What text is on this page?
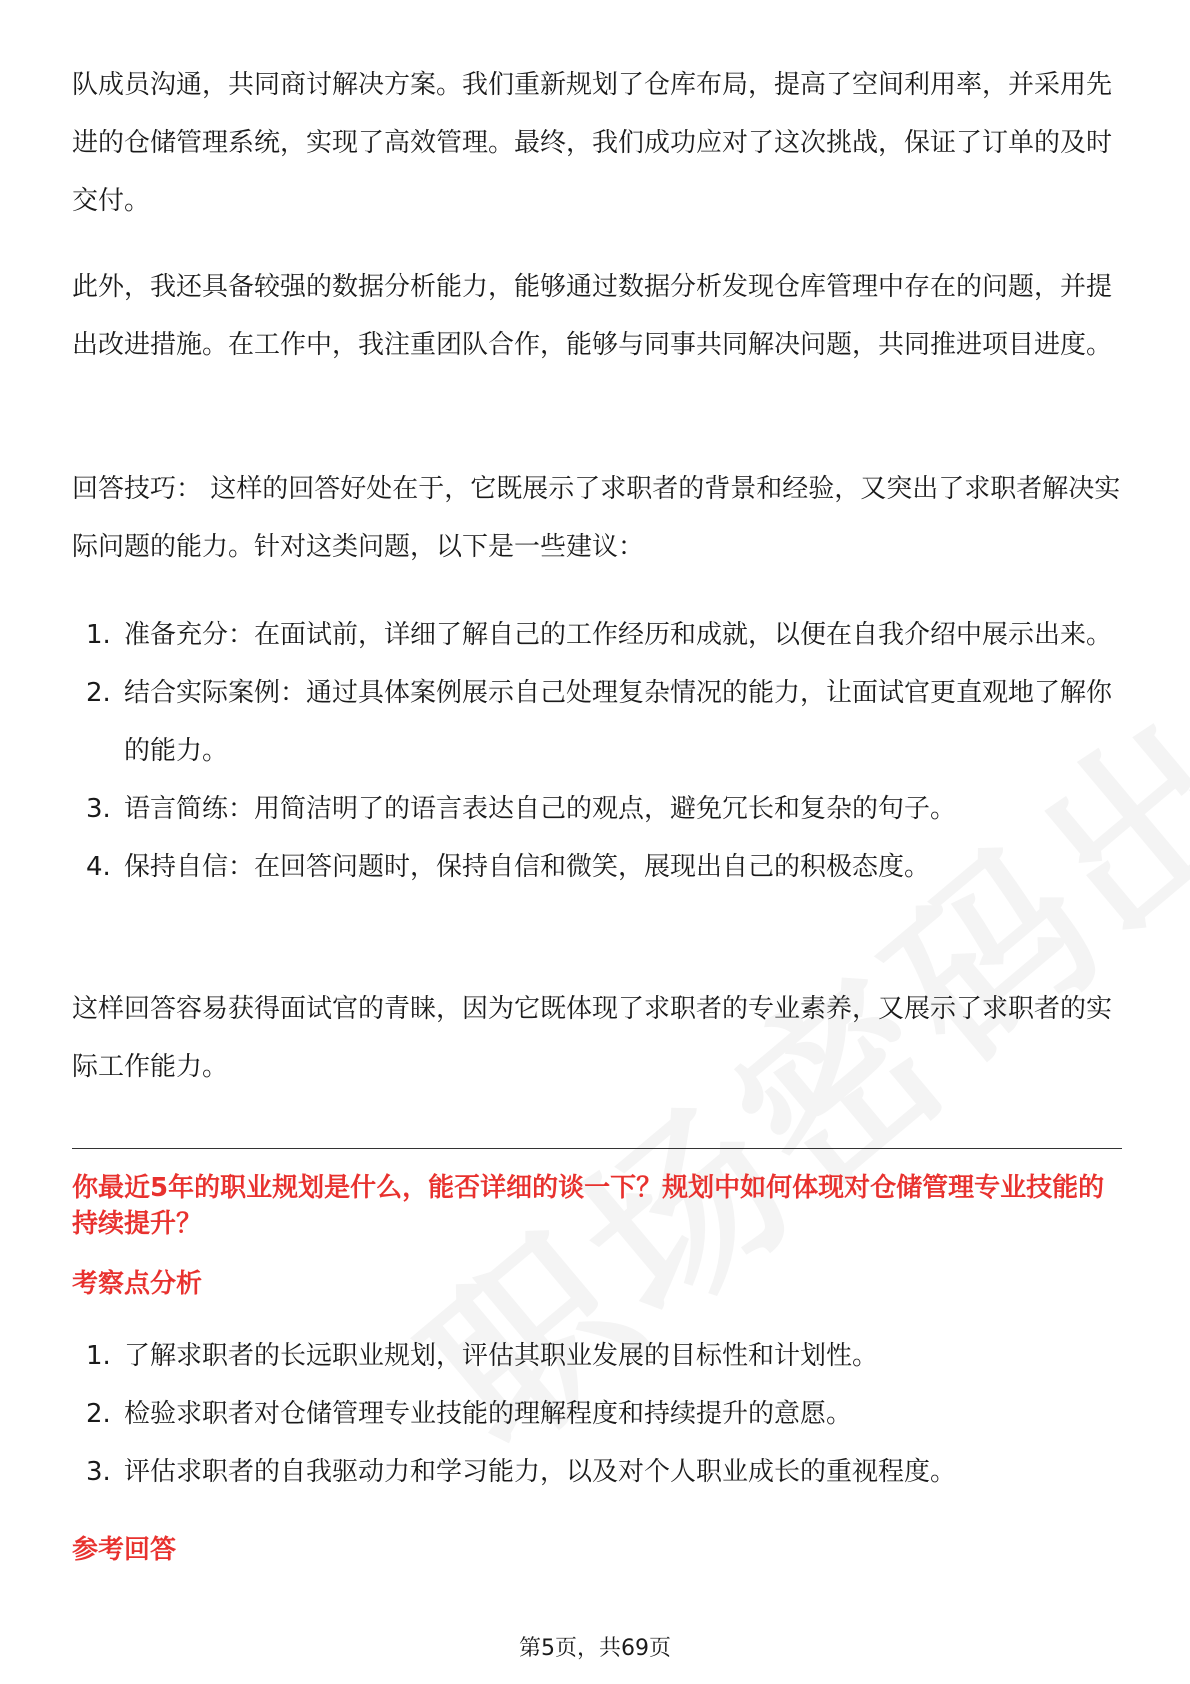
队成员沟通，共同商讨解决方案。我们重新规划了仓库布局，提高了空间利用率，并采用先进的仓储管理系统，实现了高效管理。最终，我们成功应对了这次挑战，保证了订单的及时交付。

此外，我还具备较强的数据分析能力，能够通过数据分析发现仓库管理中存在的问题，并提出改进措施。在工作中，我注重团队合作，能够与同事共同解决问题，共同推进项目进度。

回答技巧： 这样的回答好处在于，它既展示了求职者的背景和经验，又突出了求职者解决实际问题的能力。针对这类问题，以下是一些建议：

1. 准备充分：在面试前，详细了解自己的工作经历和成就，以便在自我介绍中展示出来。
2. 结合实际案例：通过具体案例展示自己处理复杂情况的能力，让面试官更直观地了解你的能力。
3. 语言简练：用简洁明了的语言表达自己的观点，避免冗长和复杂的句子。
4. 保持自信：在回答问题时，保持自信和微笑，展现出自己的积极态度。

这样回答容易获得面试官的青睐，因为它既体现了求职者的专业素养，又展示了求职者的实际工作能力。

你最近5年的职业规划是什么，能否详细的谈一下？规划中如何体现对仓储管理专业技能的持续提升？

考察点分析

1. 了解求职者的长远职业规划，评估其职业发展的目标性和计划性。
2. 检验求职者对仓储管理专业技能的理解程度和持续提升的意愿。
3. 评估求职者的自我驱动力和学习能力，以及对个人职业成长的重视程度。

参考回答

第5页，共69页
